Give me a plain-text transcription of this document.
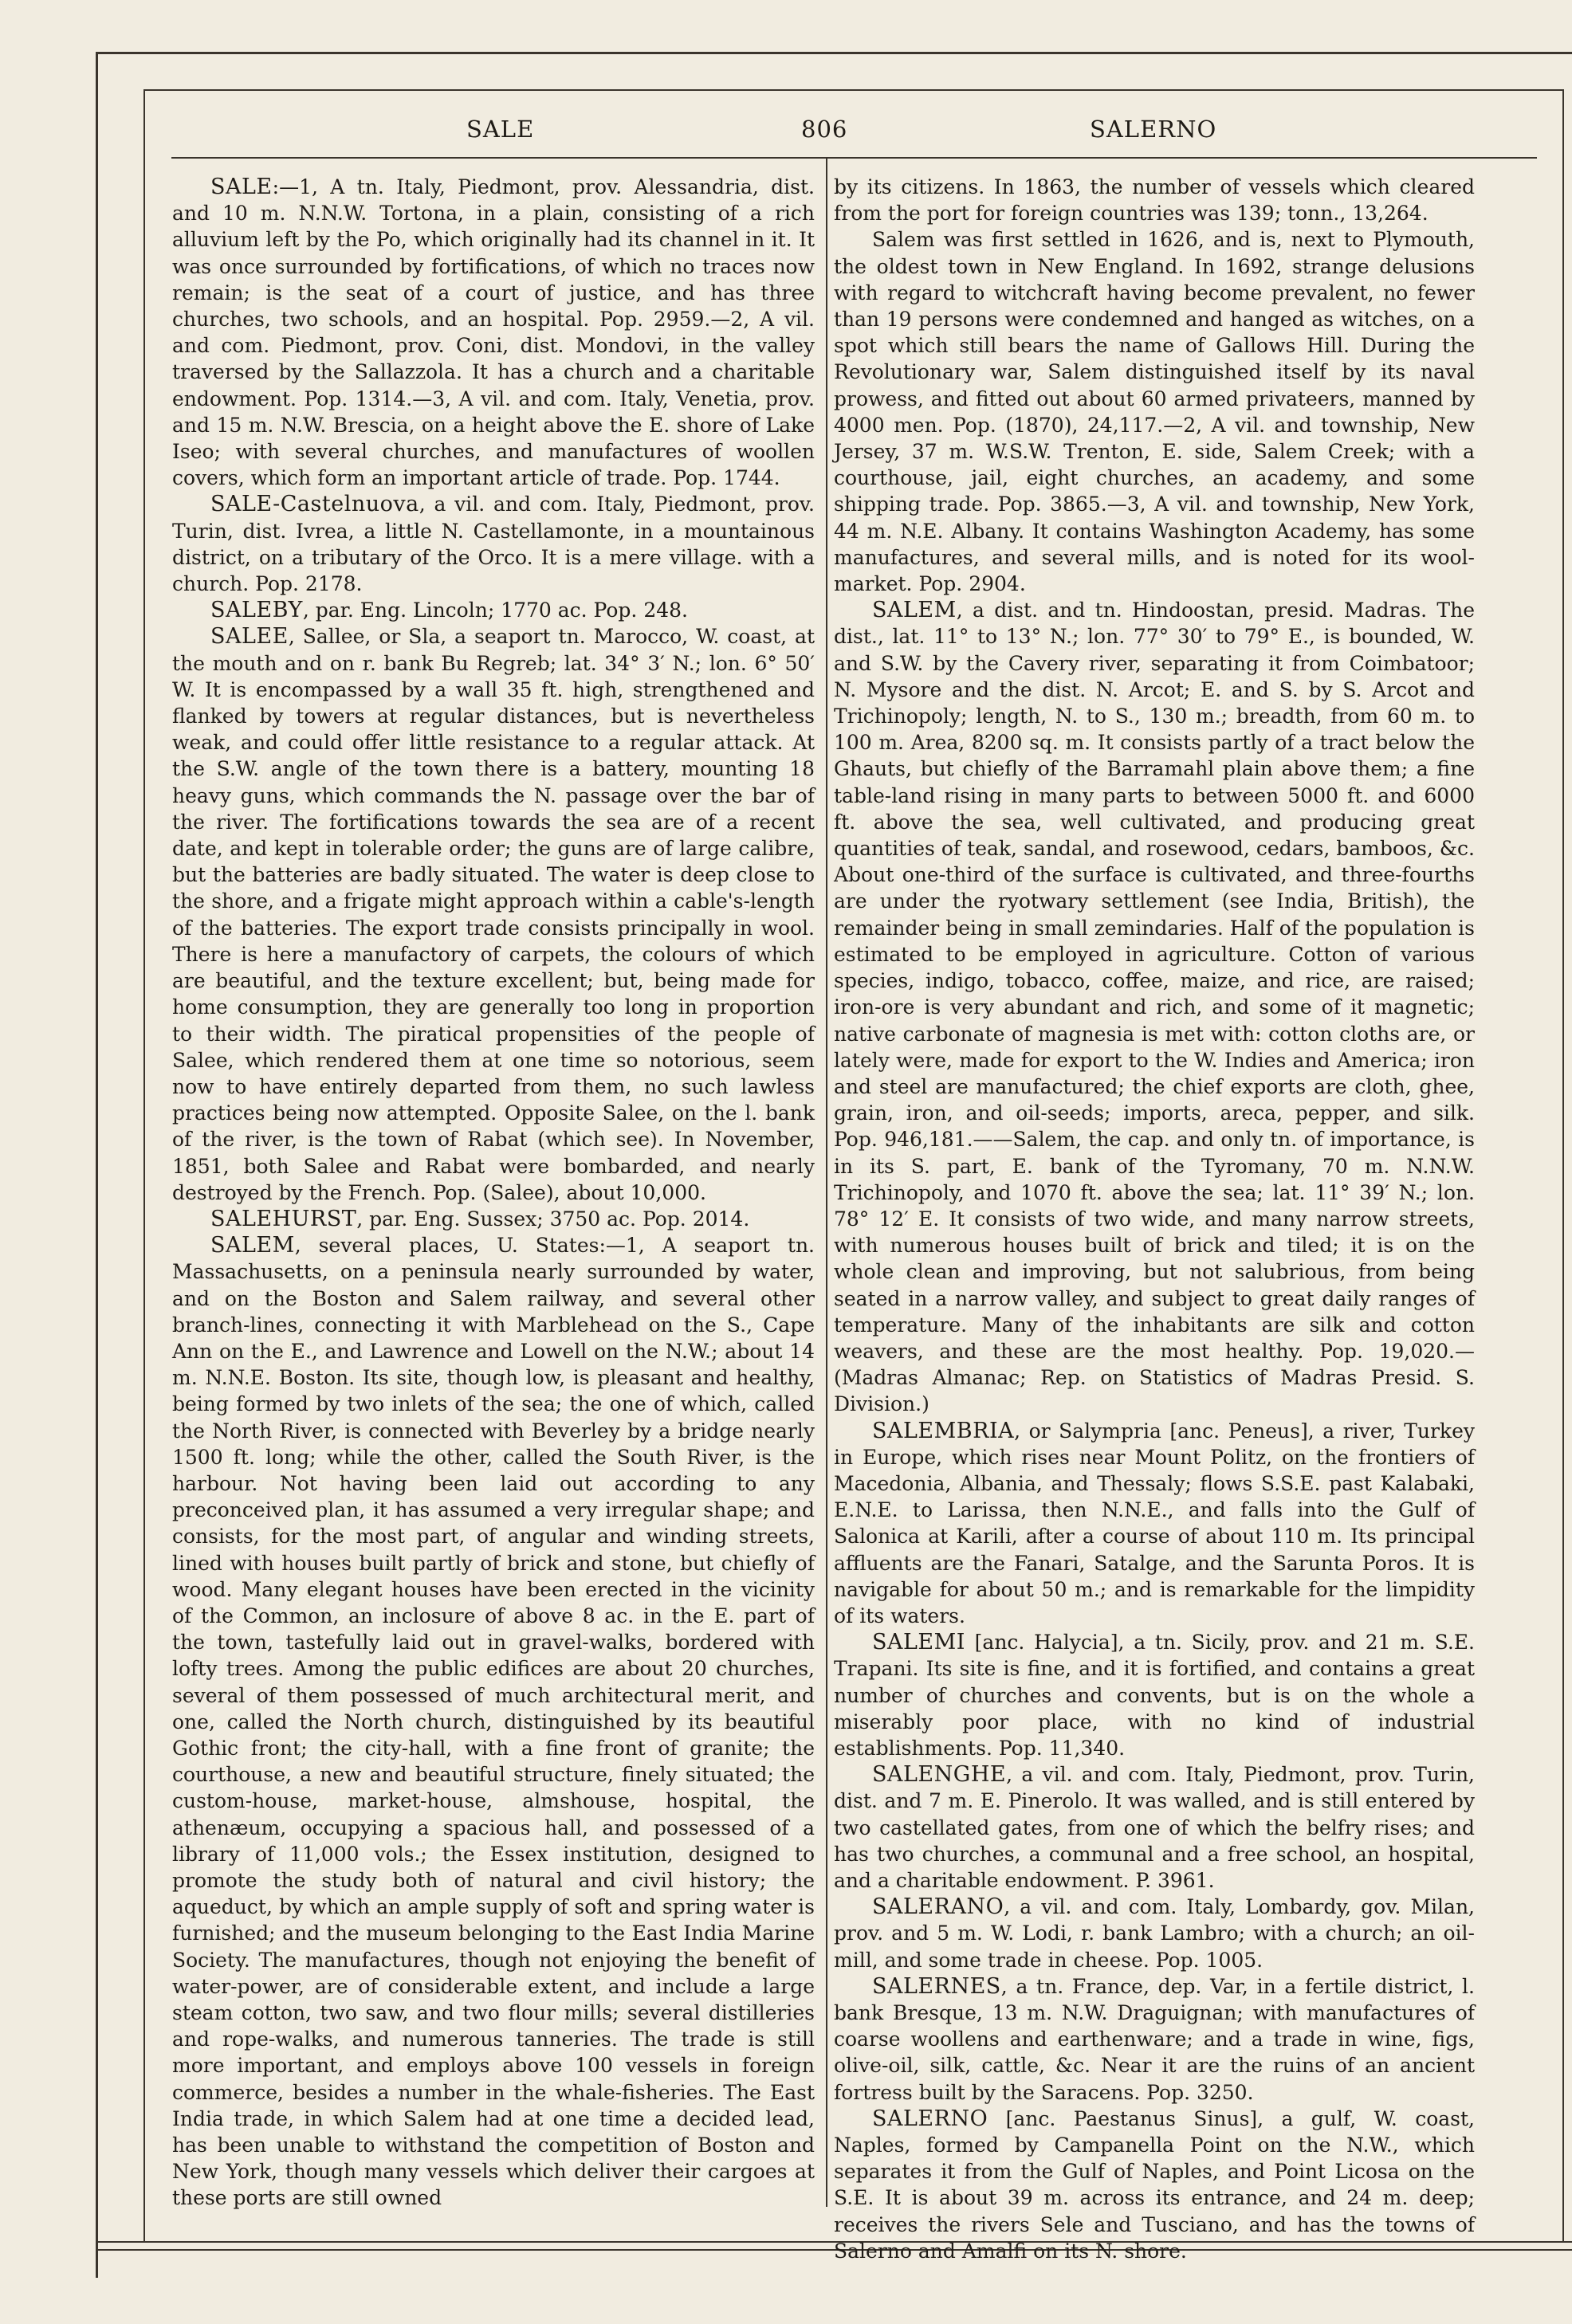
SALE	806	SALERNO

SALE:—1, A tn. Italy, Piedmont, prov. Alessandria, dist. and 10 m. N.N.W. Tortona, in a plain, consisting of a rich alluvium left by the Po, which originally had its channel in it. It was once surrounded by fortifications, of which no traces now remain; is the seat of a court of justice, and has three churches, two schools, and an hospital. Pop. 2959.—2, A vil. and com. Piedmont, prov. Coni, dist. Mondovi, in the valley traversed by the Sallazzola. It has a church and a charitable endowment. Pop. 1314.—3, A vil. and com. Italy, Venetia, prov. and 15 m. N.W. Brescia, on a height above the E. shore of Lake Iseo; with several churches, and manufactures of woollen covers, which form an important article of trade. Pop. 1744.

SALE-Castelnuova, a vil. and com. Italy, Piedmont, prov. Turin, dist. Ivrea, a little N. Castellamonte, in a mountainous district, on a tributary of the Orco. It is a mere village. with a church. Pop. 2178.

SALEBY, par. Eng. Lincoln; 1770 ac. Pop. 248.

SALEE, Sallee, or Sla, a seaport tn. Marocco, W. coast, at the mouth and on r. bank Bu Regreb; lat. 34° 3′ N.; lon. 6° 50′ W. It is encompassed by a wall 35 ft. high, strengthened and flanked by towers at regular distances, but is nevertheless weak, and could offer little resistance to a regular attack. At the S.W. angle of the town there is a battery, mounting 18 heavy guns, which commands the N. passage over the bar of the river. The fortifications towards the sea are of a recent date, and kept in tolerable order; the guns are of large calibre, but the batteries are badly situated. The water is deep close to the shore, and a frigate might approach within a cable's-length of the batteries. The export trade consists principally in wool. There is here a manufactory of carpets, the colours of which are beautiful, and the texture excellent; but, being made for home consumption, they are generally too long in proportion to their width. The piratical propensities of the people of Salee, which rendered them at one time so notorious, seem now to have entirely departed from them, no such lawless practices being now attempted. Opposite Salee, on the l. bank of the river, is the town of Rabat (which see). In November, 1851, both Salee and Rabat were bombarded, and nearly destroyed by the French. Pop. (Salee), about 10,000.

SALEHURST, par. Eng. Sussex; 3750 ac. Pop. 2014.

SALEM, several places, U. States:—1, A seaport tn. Massachusetts, on a peninsula nearly surrounded by water, and on the Boston and Salem railway, and several other branch-lines, connecting it with Marblehead on the S., Cape Ann on the E., and Lawrence and Lowell on the N.W.; about 14 m. N.N.E. Boston. Its site, though low, is pleasant and healthy, being formed by two inlets of the sea; the one of which, called the North River, is connected with Beverley by a bridge nearly 1500 ft. long; while the other, called the South River, is the harbour. Not having been laid out according to any preconceived plan, it has assumed a very irregular shape; and consists, for the most part, of angular and winding streets, lined with houses built partly of brick and stone, but chiefly of wood. Many elegant houses have been erected in the vicinity of the Common, an inclosure of above 8 ac. in the E. part of the town, tastefully laid out in gravel-walks, bordered with lofty trees. Among the public edifices are about 20 churches, several of them possessed of much architectural merit, and one, called the North church, distinguished by its beautiful Gothic front; the city-hall, with a fine front of granite; the courthouse, a new and beautiful structure, finely situated; the custom-house, market-house, almshouse, hospital, the athenæum, occupying a spacious hall, and possessed of a library of 11,000 vols.; the Essex institution, designed to promote the study both of natural and civil history; the aqueduct, by which an ample supply of soft and spring water is furnished; and the museum belonging to the East India Marine Society. The manufactures, though not enjoying the benefit of water-power, are of considerable extent, and include a large steam cotton, two saw, and two flour mills; several distilleries and rope-walks, and numerous tanneries. The trade is still more important, and employs above 100 vessels in foreign commerce, besides a number in the whale-fisheries. The East India trade, in which Salem had at one time a decided lead, has been unable to withstand the competition of Boston and New York, though many vessels which deliver their cargoes at these ports are still owned

by its citizens. In 1863, the number of vessels which cleared from the port for foreign countries was 139; tonn., 13,264.

Salem was first settled in 1626, and is, next to Plymouth, the oldest town in New England. In 1692, strange delusions with regard to witchcraft having become prevalent, no fewer than 19 persons were condemned and hanged as witches, on a spot which still bears the name of Gallows Hill. During the Revolutionary war, Salem distinguished itself by its naval prowess, and fitted out about 60 armed privateers, manned by 4000 men. Pop. (1870), 24,117.—2, A vil. and township, New Jersey, 37 m. W.S.W. Trenton, E. side, Salem Creek; with a courthouse, jail, eight churches, an academy, and some shipping trade. Pop. 3865.—3, A vil. and township, New York, 44 m. N.E. Albany. It contains Washington Academy, has some manufactures, and several mills, and is noted for its wool-market. Pop. 2904.

SALEM, a dist. and tn. Hindoostan, presid. Madras. The dist., lat. 11° to 13° N.; lon. 77° 30′ to 79° E., is bounded, W. and S.W. by the Cavery river, separating it from Coimbatoor; N. Mysore and the dist. N. Arcot; E. and S. by S. Arcot and Trichinopoly; length, N. to S., 130 m.; breadth, from 60 m. to 100 m. Area, 8200 sq. m. It consists partly of a tract below the Ghauts, but chiefly of the Barramahl plain above them; a fine table-land rising in many parts to between 5000 ft. and 6000 ft. above the sea, well cultivated, and producing great quantities of teak, sandal, and rosewood, cedars, bamboos, &c. About one-third of the surface is cultivated, and three-fourths are under the ryotwary settlement (see India, British), the remainder being in small zemindaries. Half of the population is estimated to be employed in agriculture. Cotton of various species, indigo, tobacco, coffee, maize, and rice, are raised; iron-ore is very abundant and rich, and some of it magnetic; native carbonate of magnesia is met with: cotton cloths are, or lately were, made for export to the W. Indies and America; iron and steel are manufactured; the chief exports are cloth, ghee, grain, iron, and oil-seeds; imports, areca, pepper, and silk. Pop. 946,181.——Salem, the cap. and only tn. of importance, is in its S. part, E. bank of the Tyromany, 70 m. N.N.W. Trichinopoly, and 1070 ft. above the sea; lat. 11° 39′ N.; lon. 78° 12′ E. It consists of two wide, and many narrow streets, with numerous houses built of brick and tiled; it is on the whole clean and improving, but not salubrious, from being seated in a narrow valley, and subject to great daily ranges of temperature. Many of the inhabitants are silk and cotton weavers, and these are the most healthy. Pop. 19,020.—(Madras Almanac; Rep. on Statistics of Madras Presid. S. Division.)

SALEMBRIA, or Salympria [anc. Peneus], a river, Turkey in Europe, which rises near Mount Politz, on the frontiers of Macedonia, Albania, and Thessaly; flows S.S.E. past Kalabaki, E.N.E. to Larissa, then N.N.E., and falls into the Gulf of Salonica at Karili, after a course of about 110 m. Its principal affluents are the Fanari, Satalge, and the Sarunta Poros. It is navigable for about 50 m.; and is remarkable for the limpidity of its waters.

SALEMI [anc. Halycia], a tn. Sicily, prov. and 21 m. S.E. Trapani. Its site is fine, and it is fortified, and contains a great number of churches and convents, but is on the whole a miserably poor place, with no kind of industrial establishments. Pop. 11,340.

SALENGHE, a vil. and com. Italy, Piedmont, prov. Turin, dist. and 7 m. E. Pinerolo. It was walled, and is still entered by two castellated gates, from one of which the belfry rises; and has two churches, a communal and a free school, an hospital, and a charitable endowment. P. 3961.

SALERANO, a vil. and com. Italy, Lombardy, gov. Milan, prov. and 5 m. W. Lodi, r. bank Lambro; with a church; an oil-mill, and some trade in cheese. Pop. 1005.

SALERNES, a tn. France, dep. Var, in a fertile district, l. bank Bresque, 13 m. N.W. Draguignan; with manufactures of coarse woollens and earthenware; and a trade in wine, figs, olive-oil, silk, cattle, &c. Near it are the ruins of an ancient fortress built by the Saracens. Pop. 3250.

SALERNO [anc. Paestanus Sinus], a gulf, W. coast, Naples, formed by Campanella Point on the N.W., which separates it from the Gulf of Naples, and Point Licosa on the S.E. It is about 39 m. across its entrance, and 24 m. deep; receives the rivers Sele and Tusciano, and has the towns of Salerno and Amalfi on its N. shore.
